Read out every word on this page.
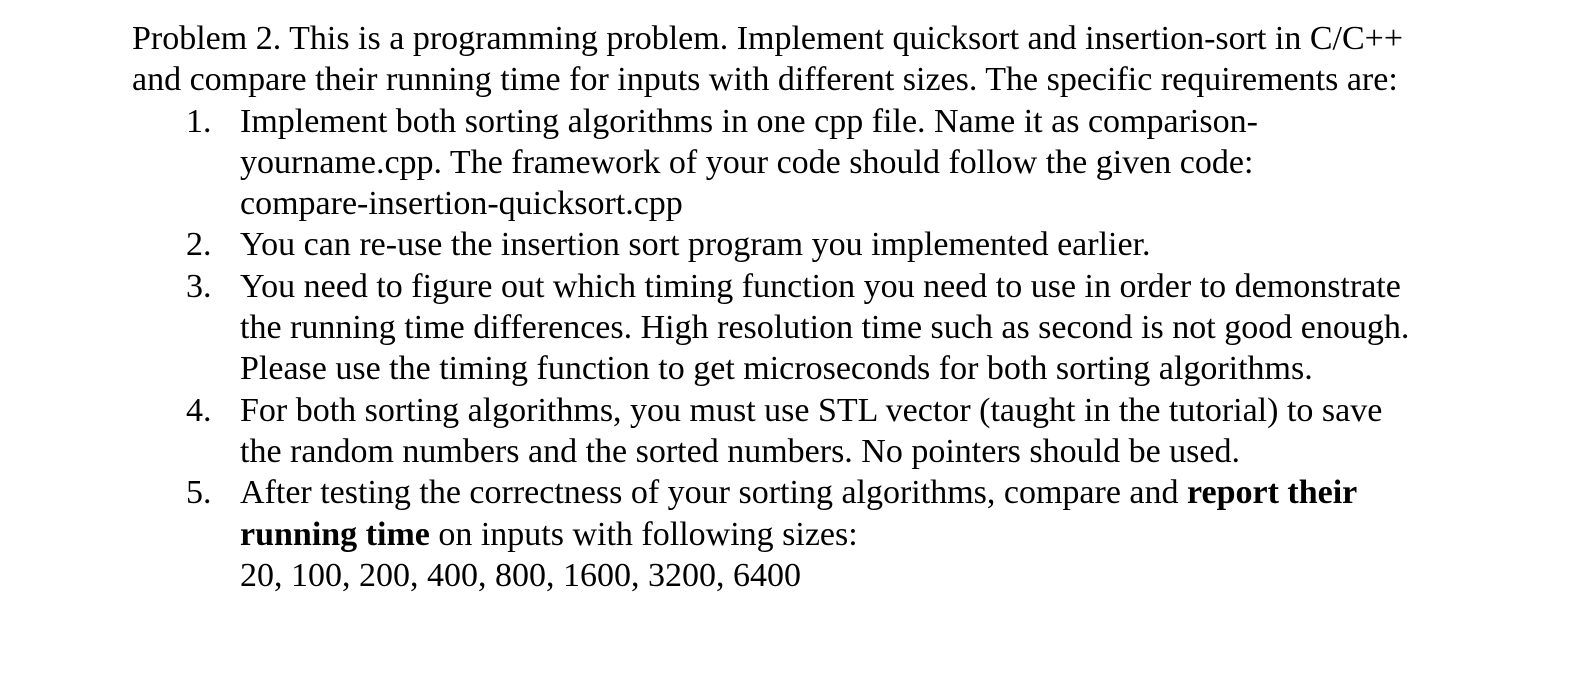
Problem 2. This is a programming problem. Implement quicksort and insertion-sort in C/C++ and compare their running time for inputs with different sizes. The specific requirements are:

1. Implement both sorting algorithms in one cpp file. Name it as comparison-yourname.cpp. The framework of your code should follow the given code:
compare-insertion-quicksort.cpp
2. You can re-use the insertion sort program you implemented earlier.
3. You need to figure out which timing function you need to use in order to demonstrate the running time differences. High resolution time such as second is not good enough. Please use the timing function to get microseconds for both sorting algorithms.
4. For both sorting algorithms, you must use STL vector (taught in the tutorial) to save the random numbers and the sorted numbers. No pointers should be used.
5. After testing the correctness of your sorting algorithms, compare and report their running time on inputs with following sizes:
20, 100, 200, 400, 800, 1600, 3200, 6400
